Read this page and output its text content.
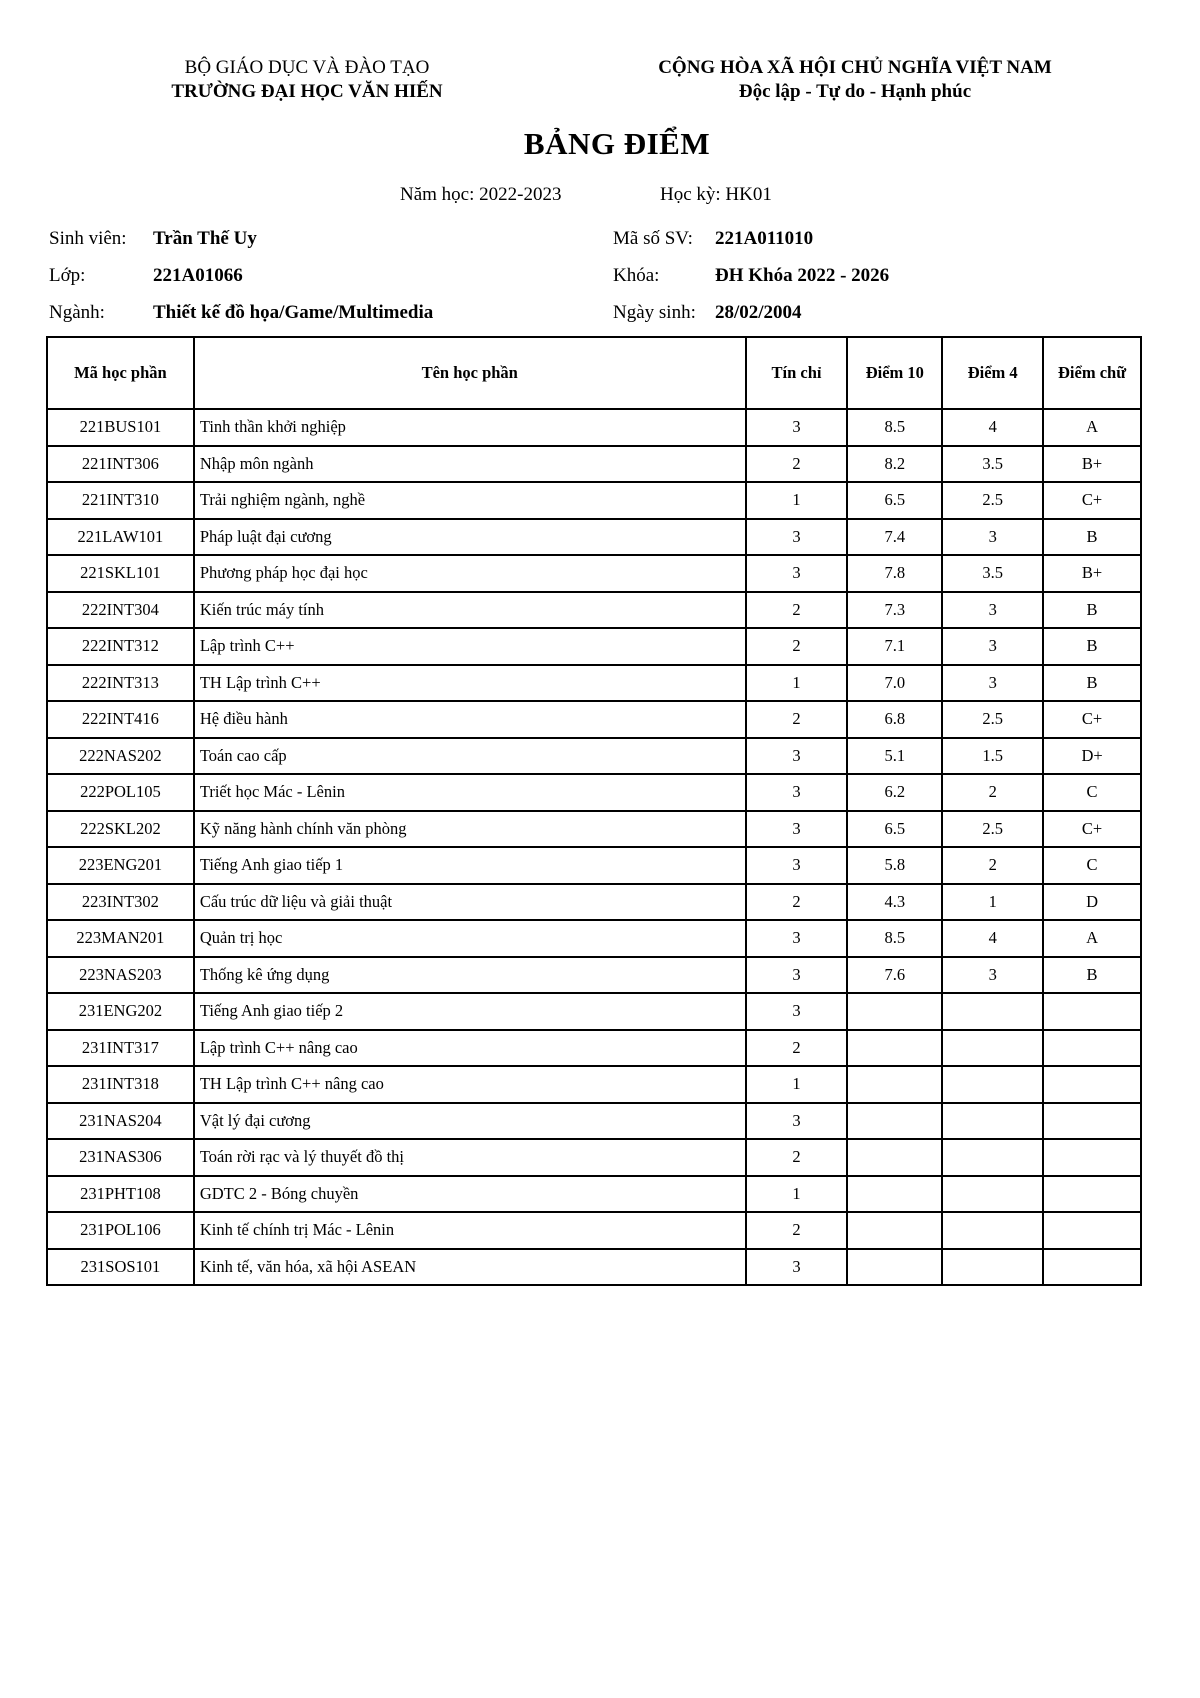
BỘ GIÁO DỤC VÀ ĐÀO TẠO
TRƯỜNG ĐẠI HỌC VĂN HIẾN
CỘNG HÒA XÃ HỘI CHỦ NGHĨA VIỆT NAM
Độc lập - Tự do - Hạnh phúc
BẢNG ĐIỂM
Năm học: 2022-2023	Học kỳ: HK01
Sinh viên: Trần Thế Uy	Mã số SV: 221A011010
Lớp:	221A01066	Khóa:	ĐH Khóa 2022 - 2026
Ngành:	Thiết kế đồ họa/Game/Multimedia	Ngày sinh: 28/02/2004
Mã học phần	Tên học phần	Tín chỉ	Điểm 10	Điểm 4	Điểm chữ
221BUS101	Tinh thần khởi nghiệp	3	8.5	4	A
221INT306	Nhập môn ngành	2	8.2	3.5	B+
221INT310	Trải nghiệm ngành, nghề	1	6.5	2.5	C+
221LAW101	Pháp luật đại cương	3	7.4	3	B
221SKL101	Phương pháp học đại học	3	7.8	3.5	B+
222INT304	Kiến trúc máy tính	2	7.3	3	B
222INT312	Lập trình C++	2	7.1	3	B
222INT313	TH Lập trình C++	1	7.0	3	B
222INT416	Hệ điều hành	2	6.8	2.5	C+
222NAS202	Toán cao cấp	3	5.1	1.5	D+
222POL105	Triết học Mác - Lênin	3	6.2	2	C
222SKL202	Kỹ năng hành chính văn phòng	3	6.5	2.5	C+
223ENG201	Tiếng Anh giao tiếp 1	3	5.8	2	C
223INT302	Cấu trúc dữ liệu và giải thuật	2	4.3	1	D
223MAN201	Quản trị học	3	8.5	4	A
223NAS203	Thống kê ứng dụng	3	7.6	3	B
231ENG202	Tiếng Anh giao tiếp 2	3			
231INT317	Lập trình C++ nâng cao	2			
231INT318	TH Lập trình C++ nâng cao	1			
231NAS204	Vật lý đại cương	3			
231NAS306	Toán rời rạc và lý thuyết đồ thị	2			
231PHT108	GDTC 2 - Bóng chuyền	1			
231POL106	Kinh tế chính trị Mác - Lênin	2			
231SOS101	Kinh tế, văn hóa, xã hội ASEAN	3			
